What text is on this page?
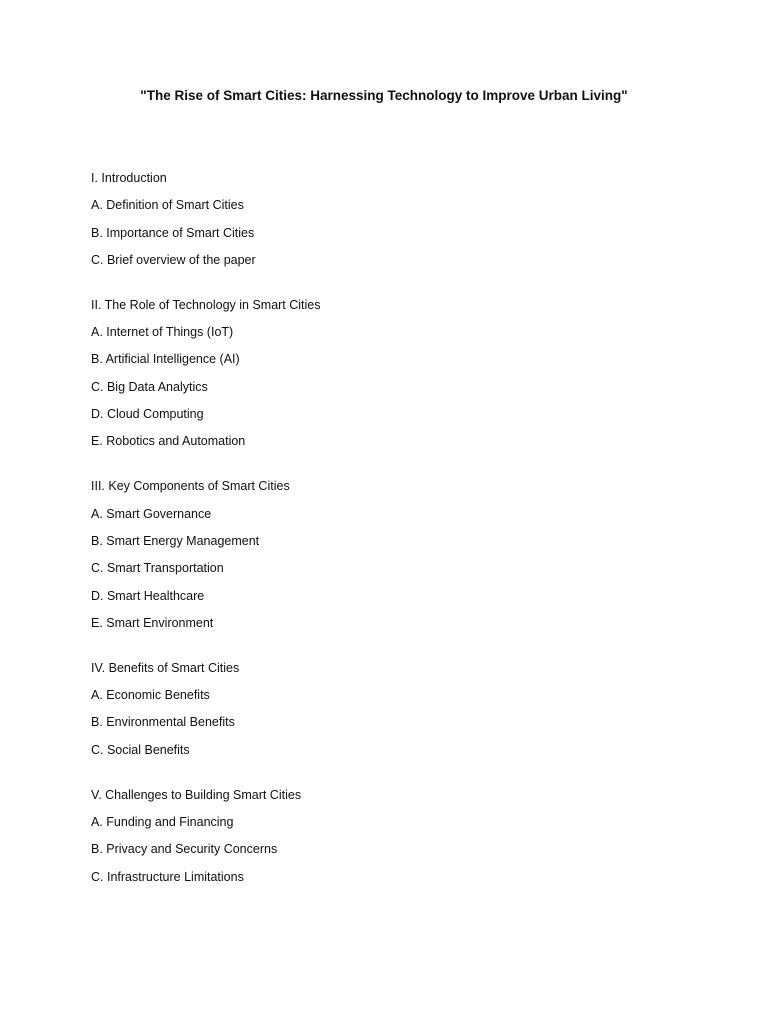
"The Rise of Smart Cities: Harnessing Technology to Improve Urban Living"
I. Introduction
A. Definition of Smart Cities
B. Importance of Smart Cities
C. Brief overview of the paper
II. The Role of Technology in Smart Cities
A. Internet of Things (IoT)
B. Artificial Intelligence (AI)
C. Big Data Analytics
D. Cloud Computing
E. Robotics and Automation
III. Key Components of Smart Cities
A. Smart Governance
B. Smart Energy Management
C. Smart Transportation
D. Smart Healthcare
E. Smart Environment
IV. Benefits of Smart Cities
A. Economic Benefits
B. Environmental Benefits
C. Social Benefits
V. Challenges to Building Smart Cities
A. Funding and Financing
B. Privacy and Security Concerns
C. Infrastructure Limitations
